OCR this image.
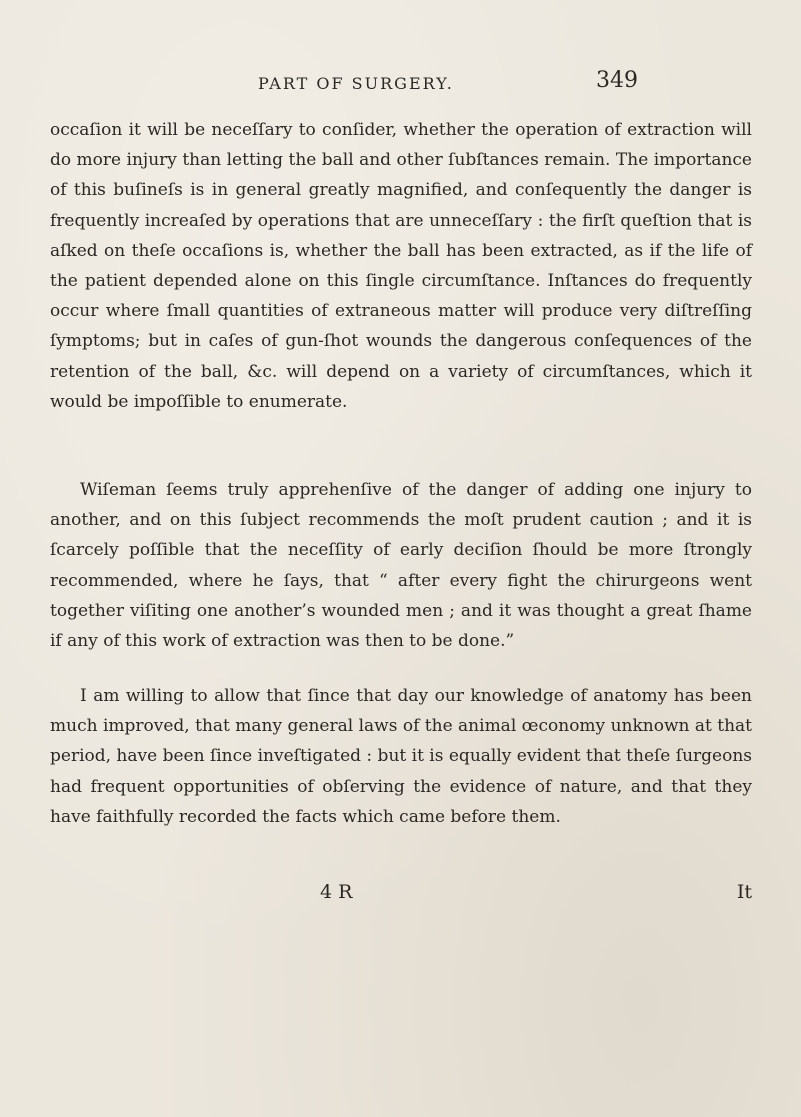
PART OF SURGERY.	349

occaſion it will be neceſſary to conſider, whether the operation of extraction will do more injury than letting the ball and other ſubſtances remain. The importance of this buſineſs is in general greatly magnified, and conſequently the danger is frequently increaſed by operations that are unneceſſary : the firſt queſtion that is aſked on theſe occaſions is, whether the ball has been extracted, as if the life of the patient depended alone on this ſingle circumſtance. Inſtances do frequently occur where ſmall quantities of extraneous matter will produce very diſtreſſing ſymptoms; but in caſes of gun-ſhot wounds the dangerous conſequences of the retention of the ball, &c. will depend on a variety of circumſtances, which it would be impoſſible to enumerate.

Wiſeman ſeems truly apprehenſive of the danger of adding one injury to another, and on this ſubject recommends the moſt prudent caution ; and it is ſcarcely poſſible that the neceſſity of early deciſion ſhould be more ſtrongly recommended, where he ſays, that “ after every fight the chirurgeons went together viſiting one another’s wounded men ; and it was thought a great ſhame if any of this work of extraction was then to be done.”

I am willing to allow that ſince that day our knowledge of anatomy has been much improved, that many general laws of the animal œconomy unknown at that period, have been ſince inveſtigated : but it is equally evident that theſe ſurgeons had frequent opportunities of obſerving the evidence of nature, and that they have faithfully recorded the facts which came before them.

4 R	It
